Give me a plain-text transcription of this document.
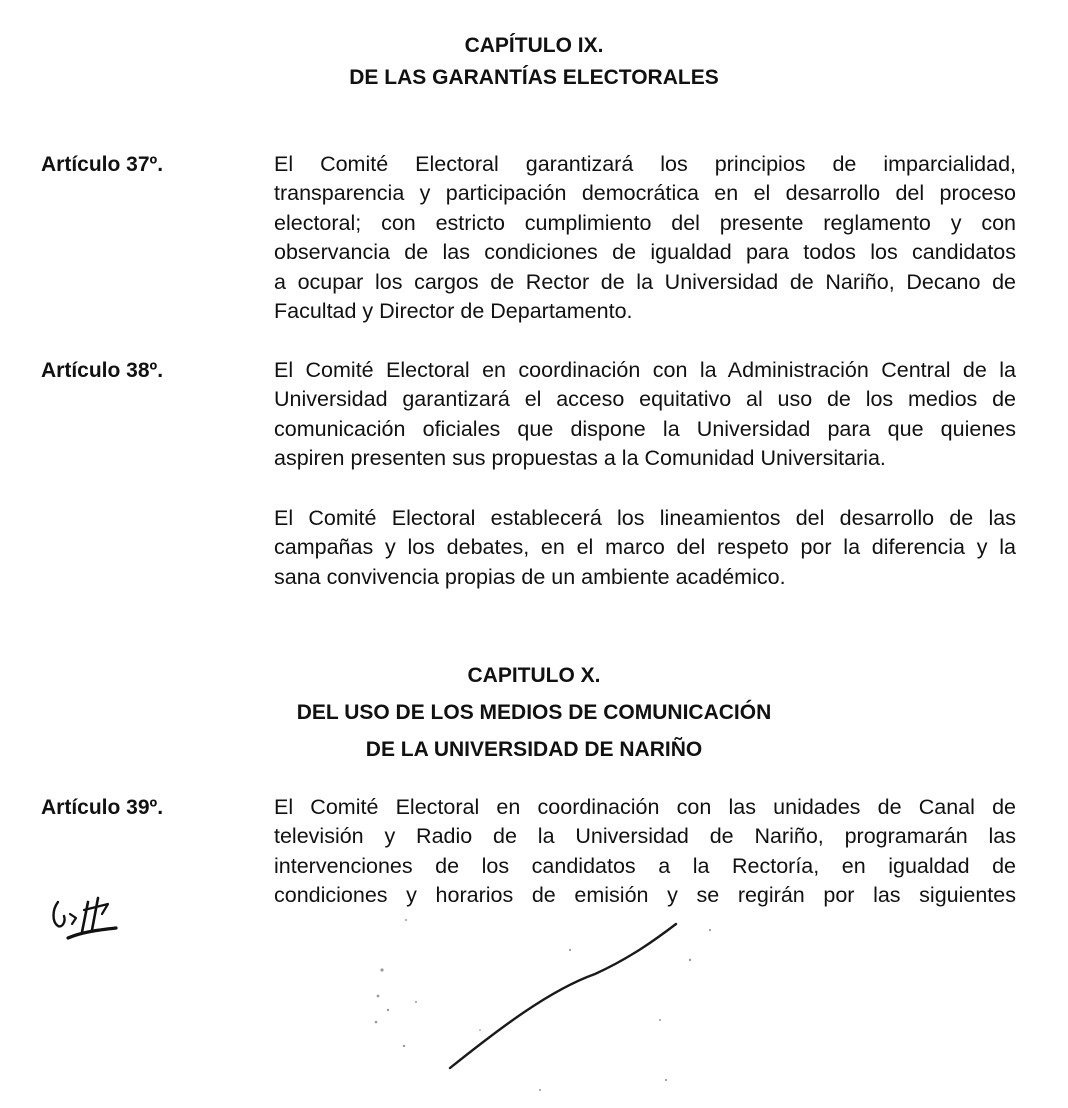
CAPÍTULO IX.
DE LAS GARANTÍAS ELECTORALES
Artículo 37º.	El Comité Electoral garantizará los principios de imparcialidad,
transparencia y participación democrática en el desarrollo del proceso
electoral; con estricto cumplimiento del presente reglamento y con
observancia de las condiciones de igualdad para todos los candidatos
a ocupar los cargos de Rector de la Universidad de Nariño, Decano de
Facultad y Director de Departamento.
Artículo 38º.	El Comité Electoral en coordinación con la Administración Central de la
Universidad garantizará el acceso equitativo al uso de los medios de
comunicación oficiales que dispone la Universidad para que quienes
aspiren presenten sus propuestas a la Comunidad Universitaria.
El Comité Electoral establecerá los lineamientos del desarrollo de las
campañas y los debates, en el marco del respeto por la diferencia y la
sana convivencia propias de un ambiente académico.
CAPITULO X.
DEL USO DE LOS MEDIOS DE COMUNICACIÓN
DE LA UNIVERSIDAD DE NARIÑO
Artículo 39º.	El Comité Electoral en coordinación con las unidades de Canal de
televisión y Radio de la Universidad de Nariño, programarán las
intervenciones de los candidatos a la Rectoría, en igualdad de
condiciones y horarios de emisión y se regirán por las siguientes
